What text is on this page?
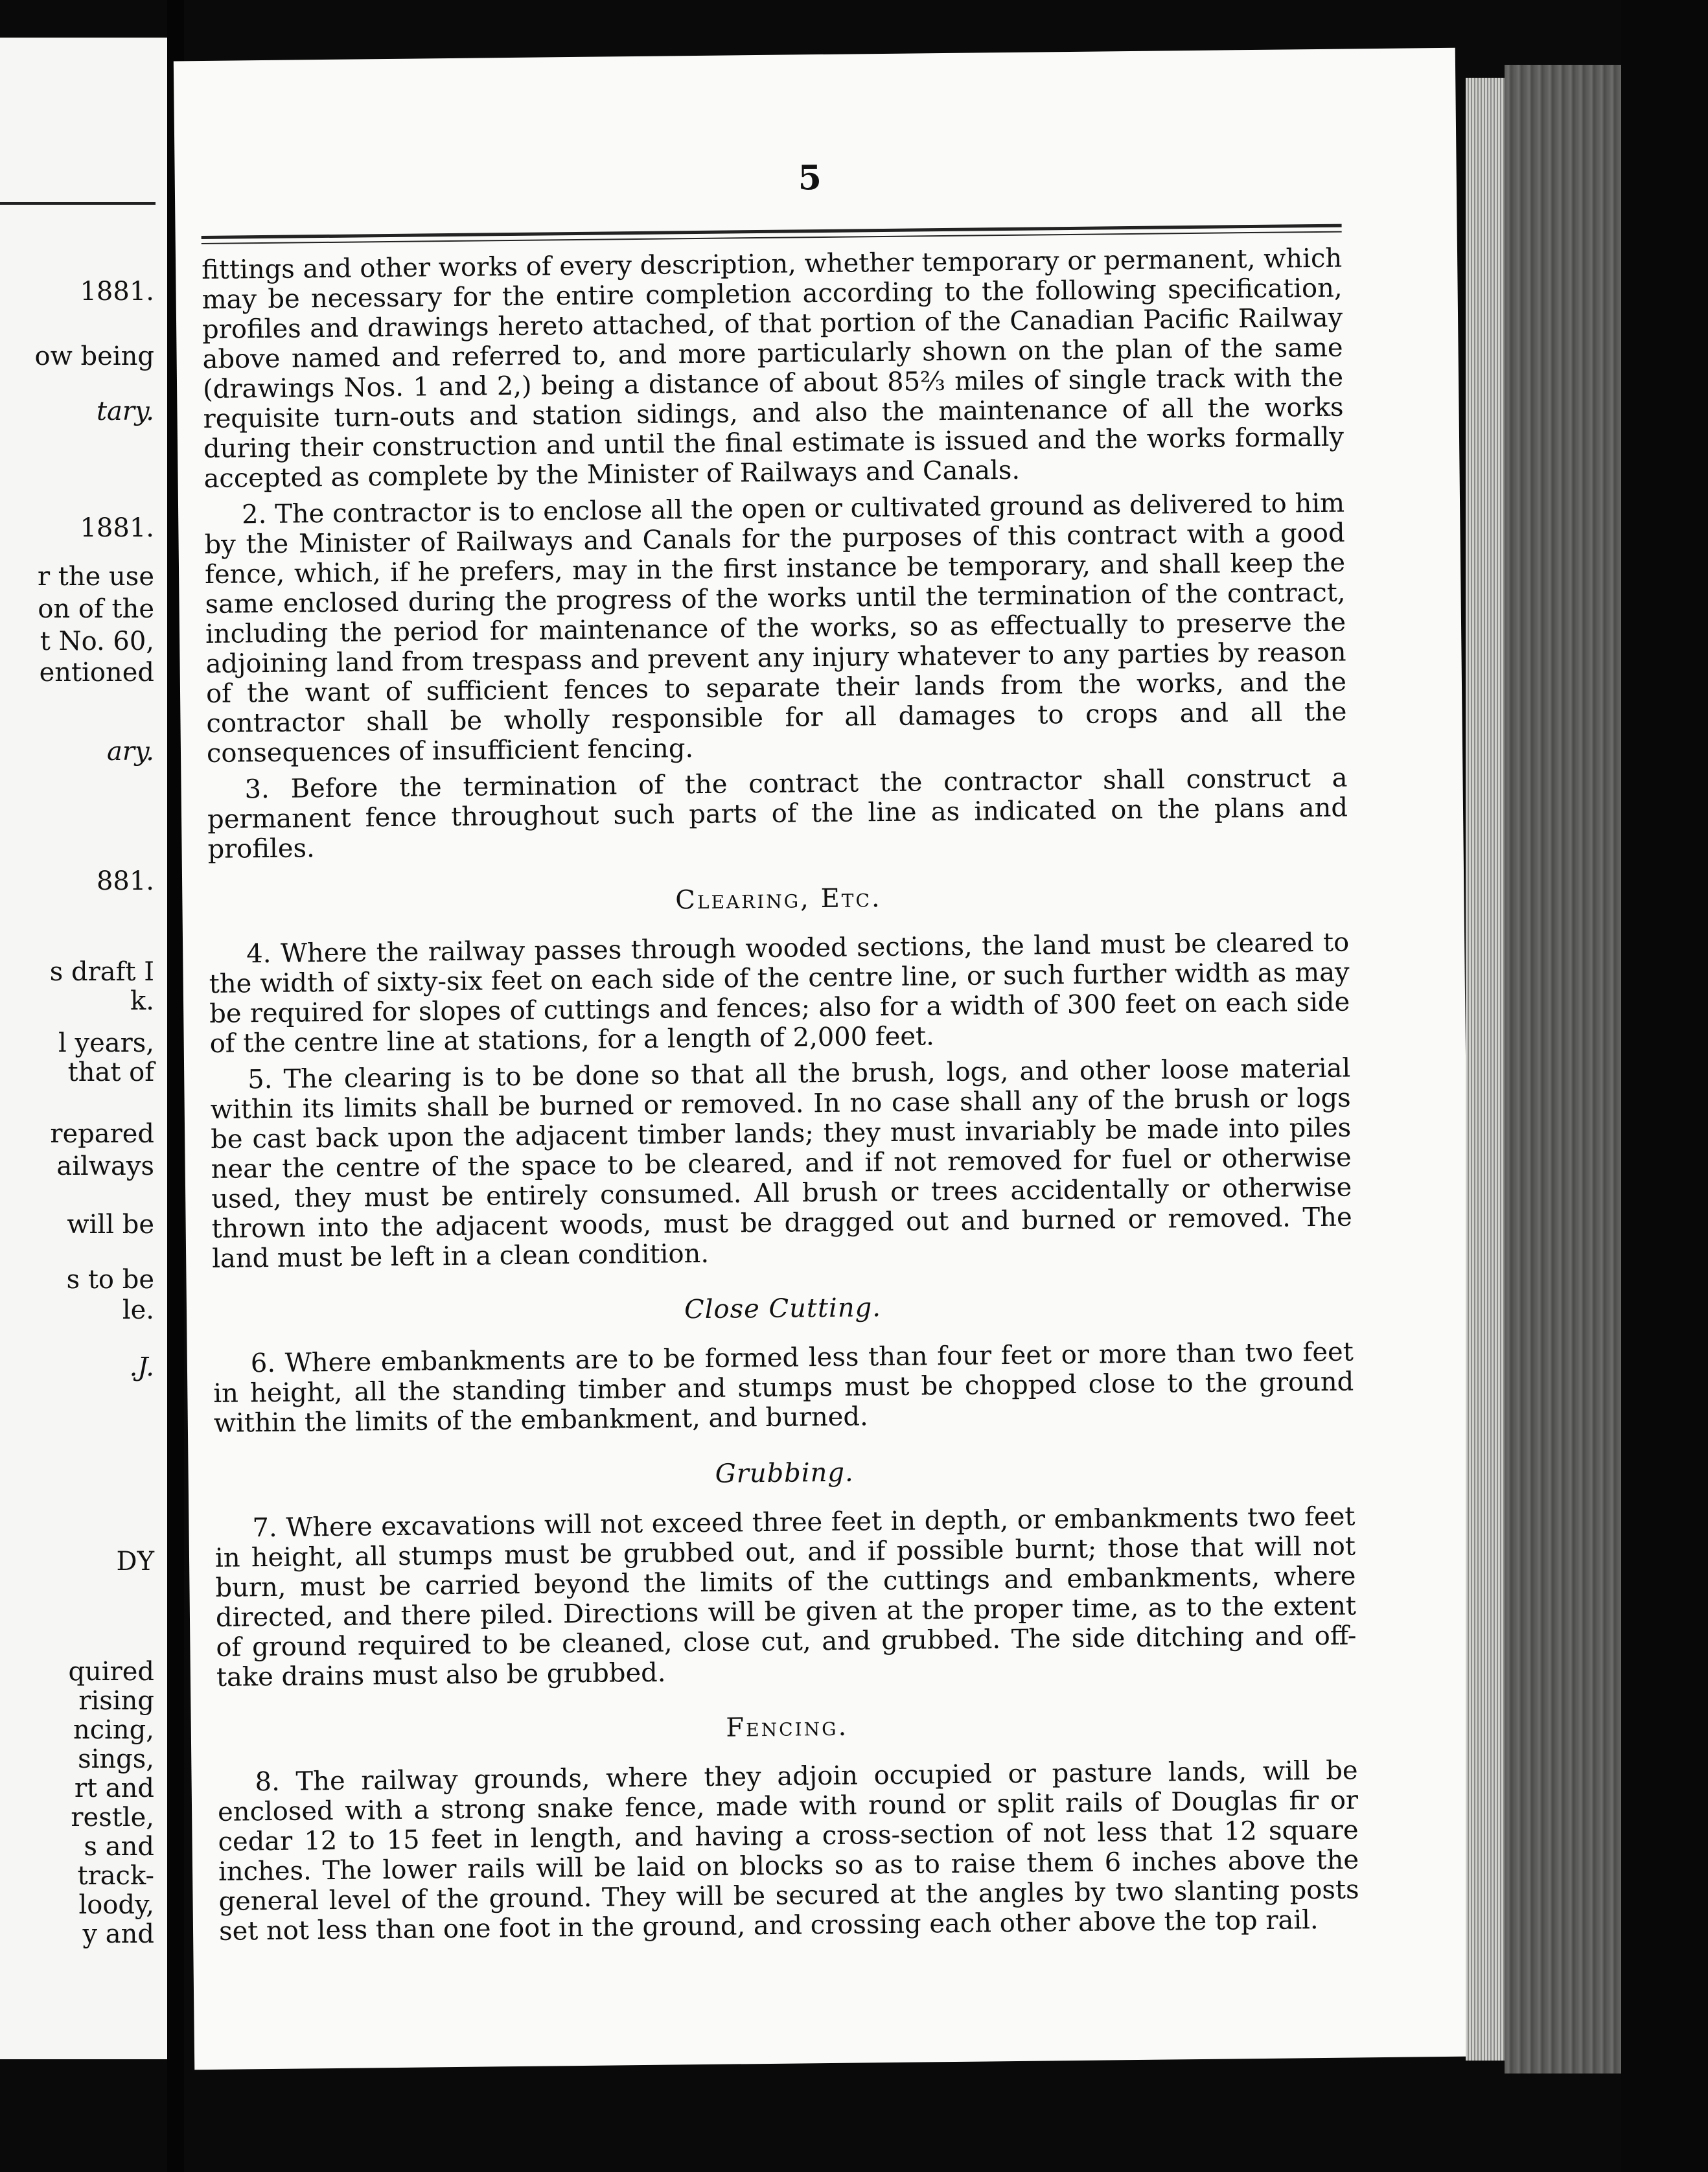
1881.
ow being
tary.
1881.
r the use
on of the
t No. 60,
entioned
ary.
881.
s draft I
k.
l years,
that of
repared
ailways
will be
s to be
le.
.J.
DY
quired
rising
ncing,
sings,
rt and
restle,
s and
track-
loody,
y and
5

fittings and other works of every description, whether temporary or permanent, which may be necessary for the entire completion according to the following specification, profiles and drawings hereto attached, of that portion of the Canadian Pacific Railway above named and referred to, and more particularly shown on the plan of the same (drawings Nos. 1 and 2,) being a distance of about 85⅔ miles of single track with the requisite turn-outs and station sidings, and also the maintenance of all the works during their construction and until the final estimate is issued and the works formally accepted as complete by the Minister of Railways and Canals.

2. The contractor is to enclose all the open or cultivated ground as delivered to him by the Minister of Railways and Canals for the purposes of this contract with a good fence, which, if he prefers, may in the first instance be temporary, and shall keep the same enclosed during the progress of the works until the termination of the contract, including the period for maintenance of the works, so as effectually to preserve the adjoining land from trespass and prevent any injury whatever to any parties by reason of the want of sufficient fences to separate their lands from the works, and the contractor shall be wholly responsible for all damages to crops and all the consequences of insufficient fencing.

3. Before the termination of the contract the contractor shall construct a permanent fence throughout such parts of the line as indicated on the plans and profiles.

Clearing, Etc.

4. Where the railway passes through wooded sections, the land must be cleared to the width of sixty-six feet on each side of the centre line, or such further width as may be required for slopes of cuttings and fences; also for a width of 300 feet on each side of the centre line at stations, for a length of 2,000 feet.

5. The clearing is to be done so that all the brush, logs, and other loose material within its limits shall be burned or removed. In no case shall any of the brush or logs be cast back upon the adjacent timber lands; they must invariably be made into piles near the centre of the space to be cleared, and if not removed for fuel or otherwise used, they must be entirely consumed. All brush or trees accidentally or otherwise thrown into the adjacent woods, must be dragged out and burned or removed. The land must be left in a clean condition.

Close Cutting.

6. Where embankments are to be formed less than four feet or more than two feet in height, all the standing timber and stumps must be chopped close to the ground within the limits of the embankment, and burned.

Grubbing.

7. Where excavations will not exceed three feet in depth, or embankments two feet in height, all stumps must be grubbed out, and if possible burnt; those that will not burn, must be carried beyond the limits of the cuttings and embankments, where directed, and there piled. Directions will be given at the proper time, as to the extent of ground required to be cleaned, close cut, and grubbed. The side ditching and off-take drains must also be grubbed.

Fencing.

8. The railway grounds, where they adjoin occupied or pasture lands, will be enclosed with a strong snake fence, made with round or split rails of Douglas fir or cedar 12 to 15 feet in length, and having a cross-section of not less that 12 square inches. The lower rails will be laid on blocks so as to raise them 6 inches above the general level of the ground. They will be secured at the angles by two slanting posts set not less than one foot in the ground, and crossing each other above the top rail.
